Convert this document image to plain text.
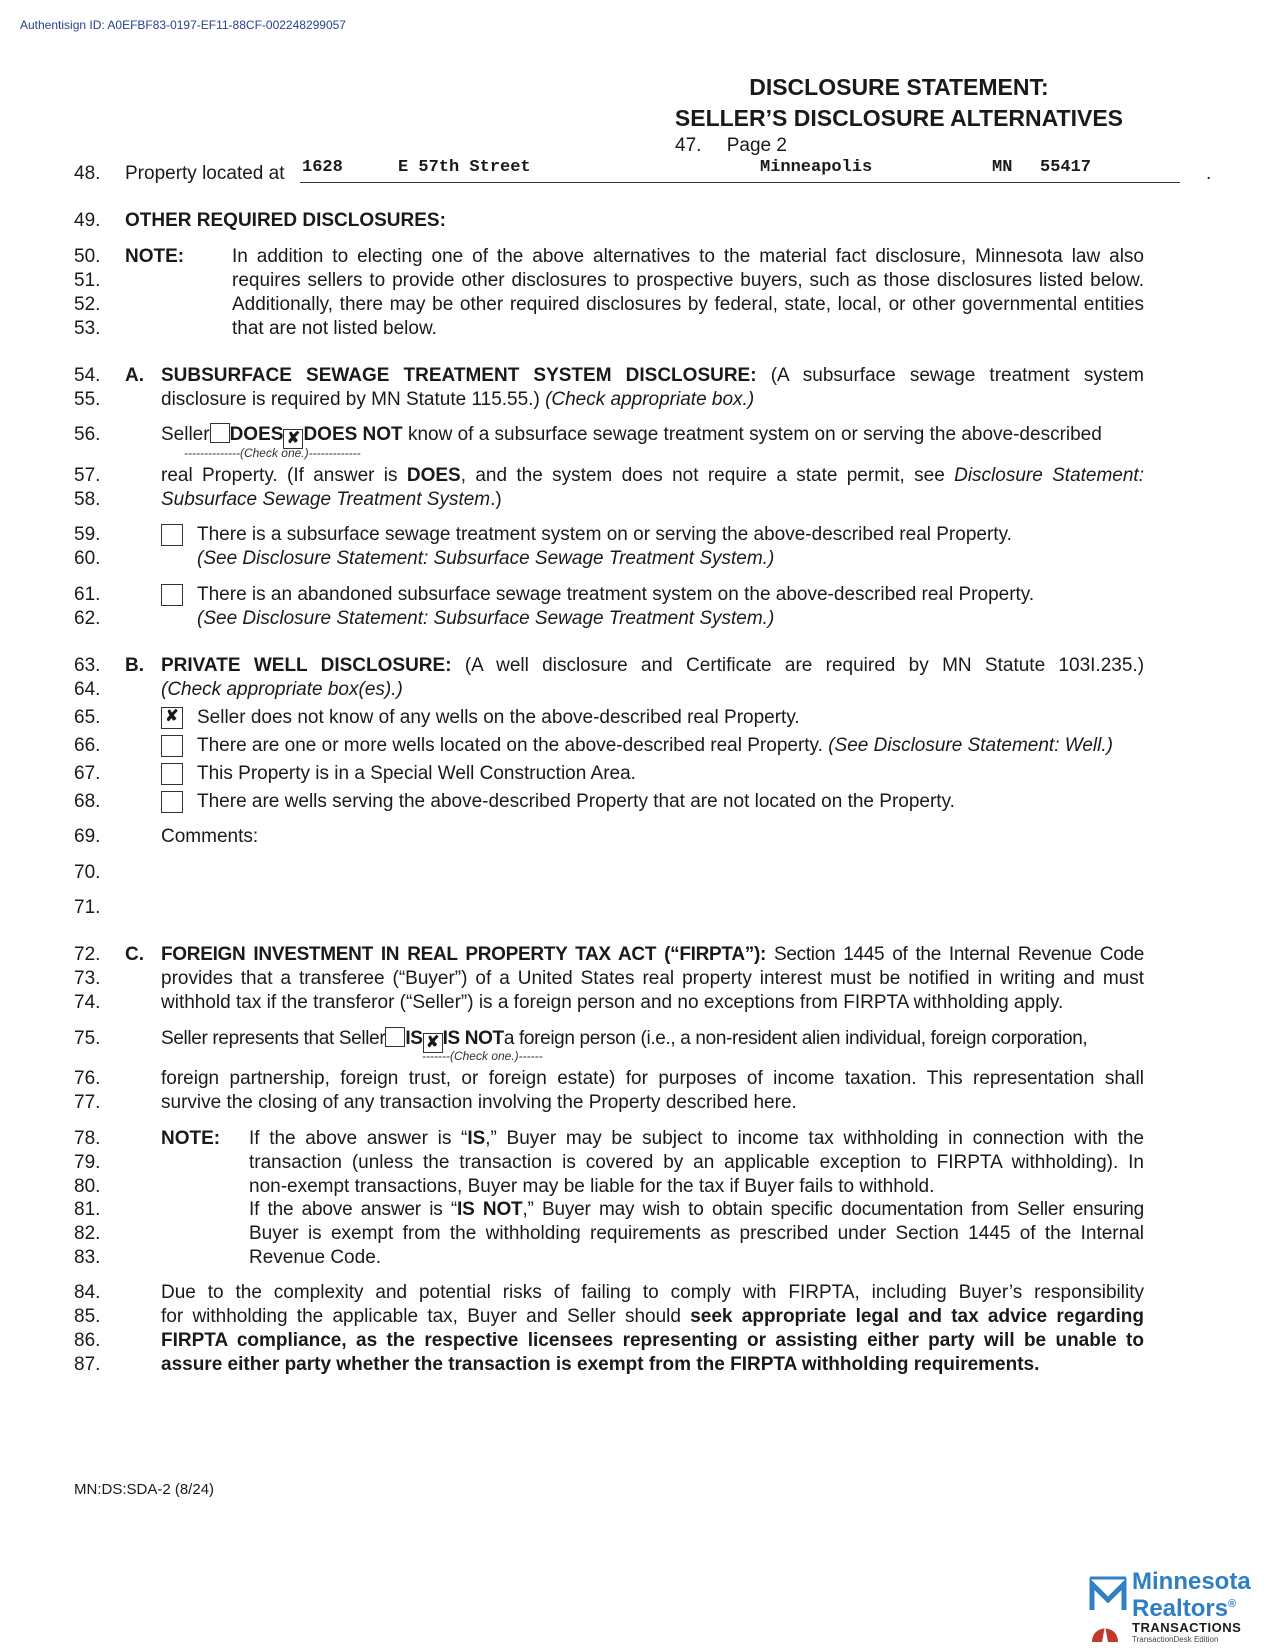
Authentisign ID: A0EFBF83-0197-EF11-88CF-002248299057
DISCLOSURE STATEMENT:
SELLER’S DISCLOSURE ALTERNATIVES
47. Page 2
48.	Property located at 1628	E 57th Street	Minneapolis	MN 55417	.
49.	OTHER REQUIRED DISCLOSURES:
50.	NOTE:	In addition to electing one of the above alternatives to the material fact disclosure, Minnesota law also
51.	requires sellers to provide other disclosures to prospective buyers, such as those disclosures listed below.
52.	Additionally, there may be other required disclosures by federal, state, local, or other governmental entities
53.	that are not listed below.
54.	A. SUBSURFACE SEWAGE TREATMENT SYSTEM DISCLOSURE: (A subsurface sewage treatment system
55.	disclosure is required by MN Statute 115.55.) (Check appropriate box.)
56.	Seller DOES ✘ DOES NOT know of a subsurface sewage treatment system on or serving the above-described
--------------(Check one.)-------------
57.	real Property. (If answer is DOES, and the system does not require a state permit, see Disclosure Statement:
58.	Subsurface Sewage Treatment System.)
59.	There is a subsurface sewage treatment system on or serving the above-described real Property.
60.	(See Disclosure Statement: Subsurface Sewage Treatment System.)
61.	There is an abandoned subsurface sewage treatment system on the above-described real Property.
62.	(See Disclosure Statement: Subsurface Sewage Treatment System.)
63.	B. PRIVATE WELL DISCLOSURE: (A well disclosure and Certificate are required by MN Statute 103I.235.)
64.	(Check appropriate box(es).)
65.	✘ Seller does not know of any wells on the above-described real Property.
66.	There are one or more wells located on the above-described real Property. (See Disclosure Statement: Well.)
67.	This Property is in a Special Well Construction Area.
68.	There are wells serving the above-described Property that are not located on the Property.
69.	Comments:
70.
71.
72.	C. FOREIGN INVESTMENT IN REAL PROPERTY TAX ACT (“FIRPTA”): Section 1445 of the Internal Revenue Code
73.	provides that a transferee (“Buyer”) of a United States real property interest must be notified in writing and must
74.	withhold tax if the transferor (“Seller”) is a foreign person and no exceptions from FIRPTA withholding apply.
75.	Seller represents that Seller IS ✘ IS NOTa foreign person (i.e., a non-resident alien individual, foreign corporation,
-------(Check one.)------
76.	foreign partnership, foreign trust, or foreign estate) for purposes of income taxation. This representation shall
77.	survive the closing of any transaction involving the Property described here.
78.	NOTE: If the above answer is “IS,” Buyer may be subject to income tax withholding in connection with the
79.	transaction (unless the transaction is covered by an applicable exception to FIRPTA withholding). In
80.	non-exempt transactions, Buyer may be liable for the tax if Buyer fails to withhold.
81.	If the above answer is “IS NOT,” Buyer may wish to obtain specific documentation from Seller ensuring
82.	Buyer is exempt from the withholding requirements as prescribed under Section 1445 of the Internal
83.	Revenue Code.
84.	Due to the complexity and potential risks of failing to comply with FIRPTA, including Buyer’s responsibility
85.	for withholding the applicable tax, Buyer and Seller should seek appropriate legal and tax advice regarding
86.	FIRPTA compliance, as the respective licensees representing or assisting either party will be unable to
87.	assure either party whether the transaction is exempt from the FIRPTA withholding requirements.
MN:DS:SDA-2 (8/24)
Minnesota
Realtors®
TRANSACTIONS
TransactionDesk Edition
